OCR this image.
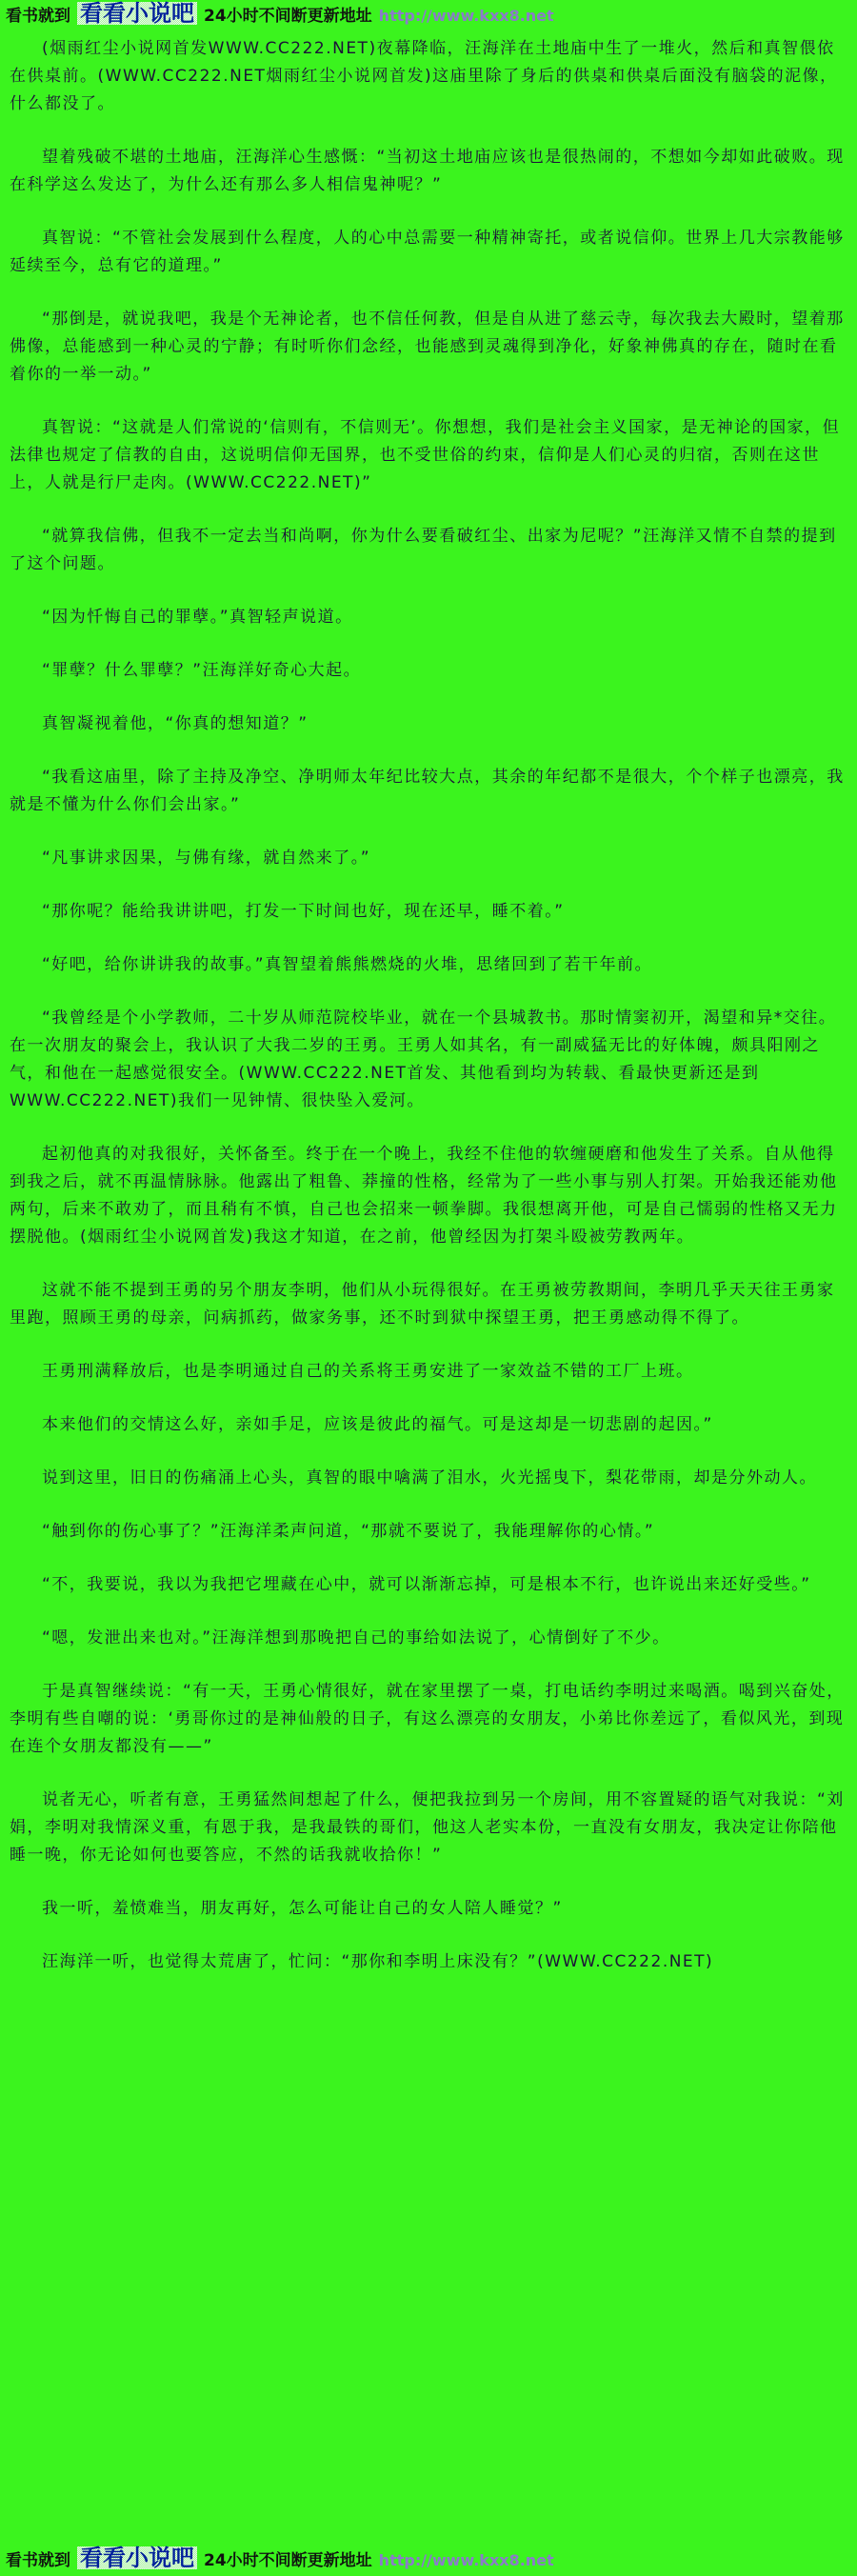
看书就到 看看小说吧 24小时不间断更新地址 http://www.kxx8.net

(烟雨红尘小说网首发WWW.CC222.NET)夜幕降临，汪海洋在土地庙中生了一堆火，然后和真智偎依在供桌前。(WWW.CC222.NET烟雨红尘小说网首发)这庙里除了身后的供桌和供桌后面没有脑袋的泥像，什么都没了。

望着残破不堪的土地庙，汪海洋心生感慨：“当初这土地庙应该也是很热闹的，不想如今却如此破败。现在科学这么发达了，为什么还有那么多人相信鬼神呢？”

真智说：“不管社会发展到什么程度，人的心中总需要一种精神寄托，或者说信仰。世界上几大宗教能够延续至今，总有它的道理。”

“那倒是，就说我吧，我是个无神论者，也不信任何教，但是自从进了慈云寺，每次我去大殿时，望着那佛像，总能感到一种心灵的宁静；有时听你们念经，也能感到灵魂得到净化，好象神佛真的存在，随时在看着你的一举一动。”

真智说：“这就是人们常说的‘信则有，不信则无’。你想想，我们是社会主义国家，是无神论的国家，但法律也规定了信教的自由，这说明信仰无国界，也不受世俗的约束，信仰是人们心灵的归宿，否则在这世上，人就是行尸走肉。(WWW.CC222.NET)”

“就算我信佛，但我不一定去当和尚啊，你为什么要看破红尘、出家为尼呢？”汪海洋又情不自禁的提到了这个问题。

“因为忏悔自己的罪孽。”真智轻声说道。

“罪孽？什么罪孽？”汪海洋好奇心大起。

真智凝视着他，“你真的想知道？”

“我看这庙里，除了主持及净空、净明师太年纪比较大点，其余的年纪都不是很大，个个样子也漂亮，我就是不懂为什么你们会出家。”

“凡事讲求因果，与佛有缘，就自然来了。”

“那你呢？能给我讲讲吧，打发一下时间也好，现在还早，睡不着。”

“好吧，给你讲讲我的故事。”真智望着熊熊燃烧的火堆，思绪回到了若干年前。

“我曾经是个小学教师，二十岁从师范院校毕业，就在一个县城教书。那时情窦初开，渴望和异*交往。在一次朋友的聚会上，我认识了大我二岁的王勇。王勇人如其名，有一副威猛无比的好体魄，颇具阳刚之气，和他在一起感觉很安全。(WWW.CC222.NET首发、其他看到均为转载、看最快更新还是到WWW.CC222.NET)我们一见钟情、很快坠入爱河。

起初他真的对我很好，关怀备至。终于在一个晚上，我经不住他的软缠硬磨和他发生了关系。自从他得到我之后，就不再温情脉脉。他露出了粗鲁、莽撞的性格，经常为了一些小事与别人打架。开始我还能劝他两句，后来不敢劝了，而且稍有不慎，自己也会招来一顿拳脚。我很想离开他，可是自己懦弱的性格又无力摆脱他。(烟雨红尘小说网首发)我这才知道，在之前，他曾经因为打架斗殴被劳教两年。

这就不能不提到王勇的另个朋友李明，他们从小玩得很好。在王勇被劳教期间，李明几乎天天往王勇家里跑，照顾王勇的母亲，问病抓药，做家务事，还不时到狱中探望王勇，把王勇感动得不得了。

王勇刑满释放后，也是李明通过自己的关系将王勇安进了一家效益不错的工厂上班。

本来他们的交情这么好，亲如手足，应该是彼此的福气。可是这却是一切悲剧的起因。”

说到这里，旧日的伤痛涌上心头，真智的眼中噙满了泪水，火光摇曳下，梨花带雨，却是分外动人。

“触到你的伤心事了？”汪海洋柔声问道，“那就不要说了，我能理解你的心情。”

“不，我要说，我以为我把它埋藏在心中，就可以渐渐忘掉，可是根本不行，也许说出来还好受些。”

“嗯，发泄出来也对。”汪海洋想到那晚把自己的事给如法说了，心情倒好了不少。

于是真智继续说：“有一天，王勇心情很好，就在家里摆了一桌，打电话约李明过来喝酒。喝到兴奋处，李明有些自嘲的说：‘勇哥你过的是神仙般的日子，有这么漂亮的女朋友，小弟比你差远了，看似风光，到现在连个女朋友都没有——”

说者无心，听者有意，王勇猛然间想起了什么，便把我拉到另一个房间，用不容置疑的语气对我说：“刘娟，李明对我情深义重，有恩于我，是我最铁的哥们，他这人老实本份，一直没有女朋友，我决定让你陪他睡一晚，你无论如何也要答应，不然的话我就收拾你！”

我一听，羞愤难当，朋友再好，怎么可能让自己的女人陪人睡觉？”

汪海洋一听，也觉得太荒唐了，忙问：“那你和李明上床没有？”(WWW.CC222.NET)

看书就到 看看小说吧 24小时不间断更新地址 http://www.kxx8.net
